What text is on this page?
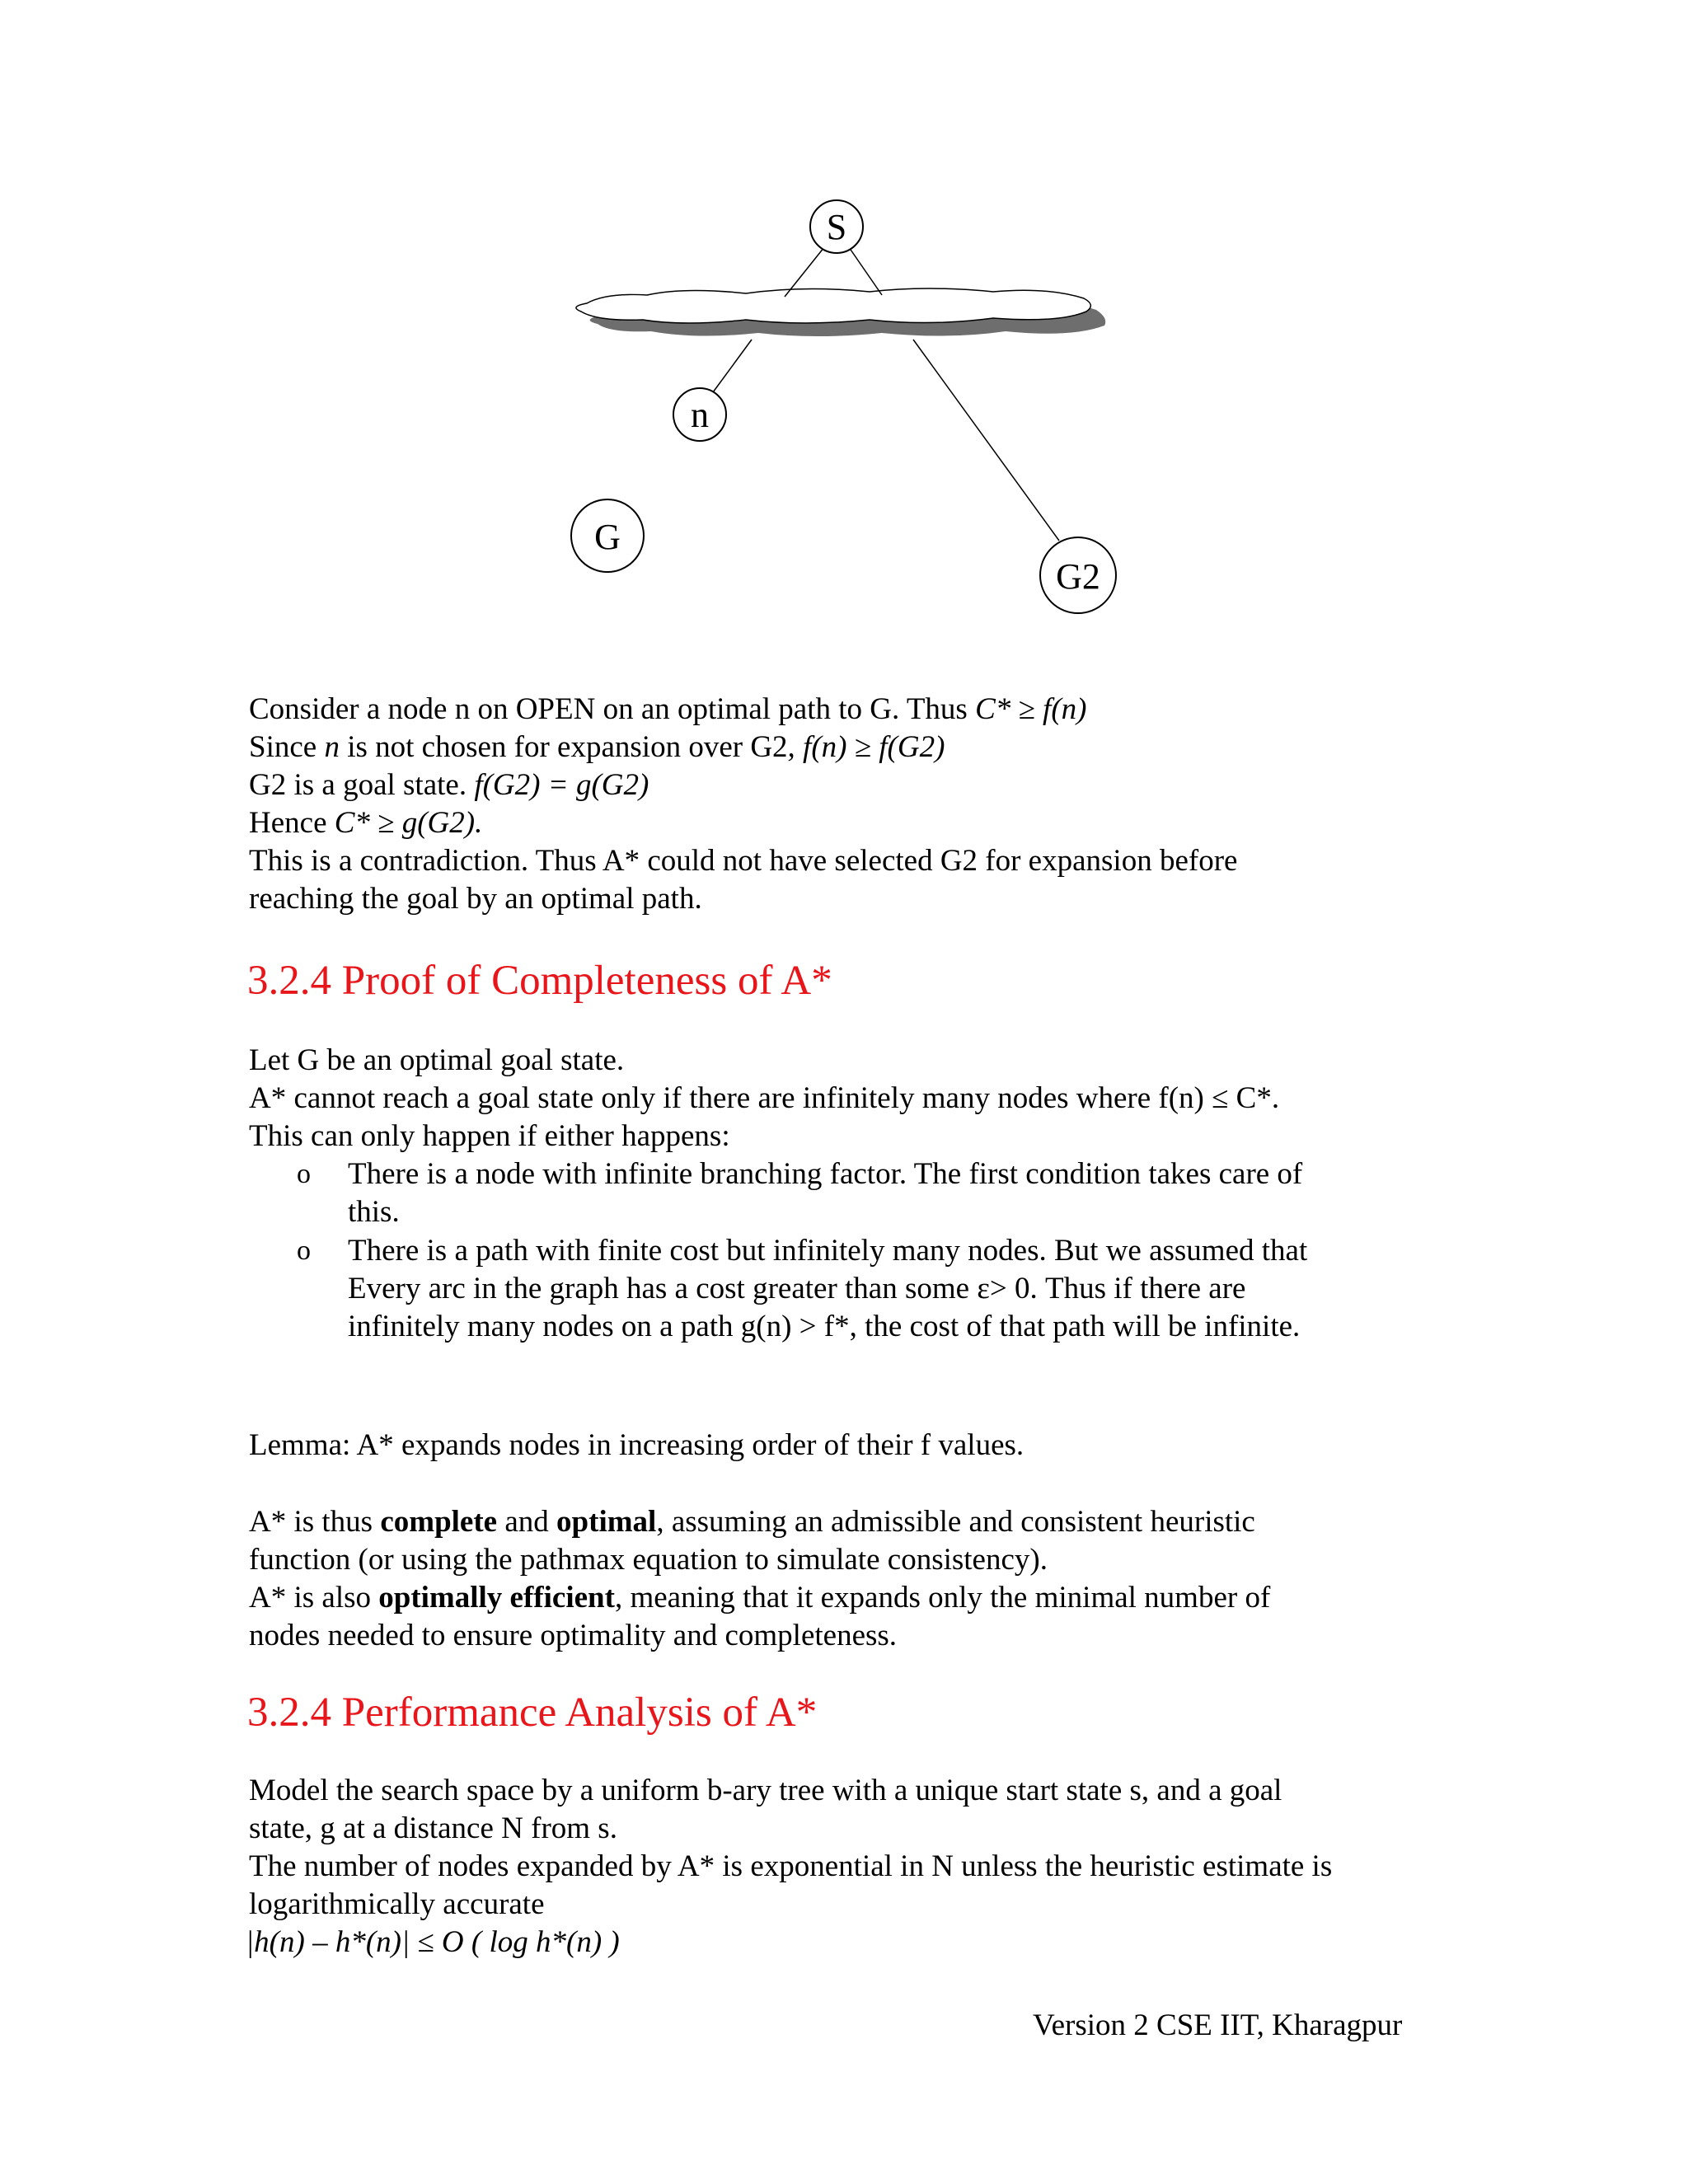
S
n
G
G2

Consider a node n on OPEN on an optimal path to G. Thus C* ≥ f(n)

Since n is not chosen for expansion over G2, f(n) ≥ f(G2)

G2 is a goal state. f(G2) = g(G2)

Hence C* ≥ g(G2).

This is a contradiction. Thus A* could not have selected G2 for expansion before

reaching the goal by an optimal path.

3.2.4 Proof of Completeness of A*

Let G be an optimal goal state.

A* cannot reach a goal state only if there are infinitely many nodes where f(n) ≤ C*.

This can only happen if either happens:

o There is a node with infinite branching factor. The first condition takes care of

this.

o There is a path with finite cost but infinitely many nodes. But we assumed that

Every arc in the graph has a cost greater than some ε> 0. Thus if there are

infinitely many nodes on a path g(n) > f*, the cost of that path will be infinite.

Lemma: A* expands nodes in increasing order of their f values.

A* is thus complete and optimal, assuming an admissible and consistent heuristic

function (or using the pathmax equation to simulate consistency).

A* is also optimally efficient, meaning that it expands only the minimal number of

nodes needed to ensure optimality and completeness.

3.2.4 Performance Analysis of A*

Model the search space by a uniform b-ary tree with a unique start state s, and a goal

state, g at a distance N from s.

The number of nodes expanded by A* is exponential in N unless the heuristic estimate is

logarithmically accurate

|h(n) – h*(n)| ≤ O ( log h*(n) )

Version 2 CSE IIT, Kharagpur
